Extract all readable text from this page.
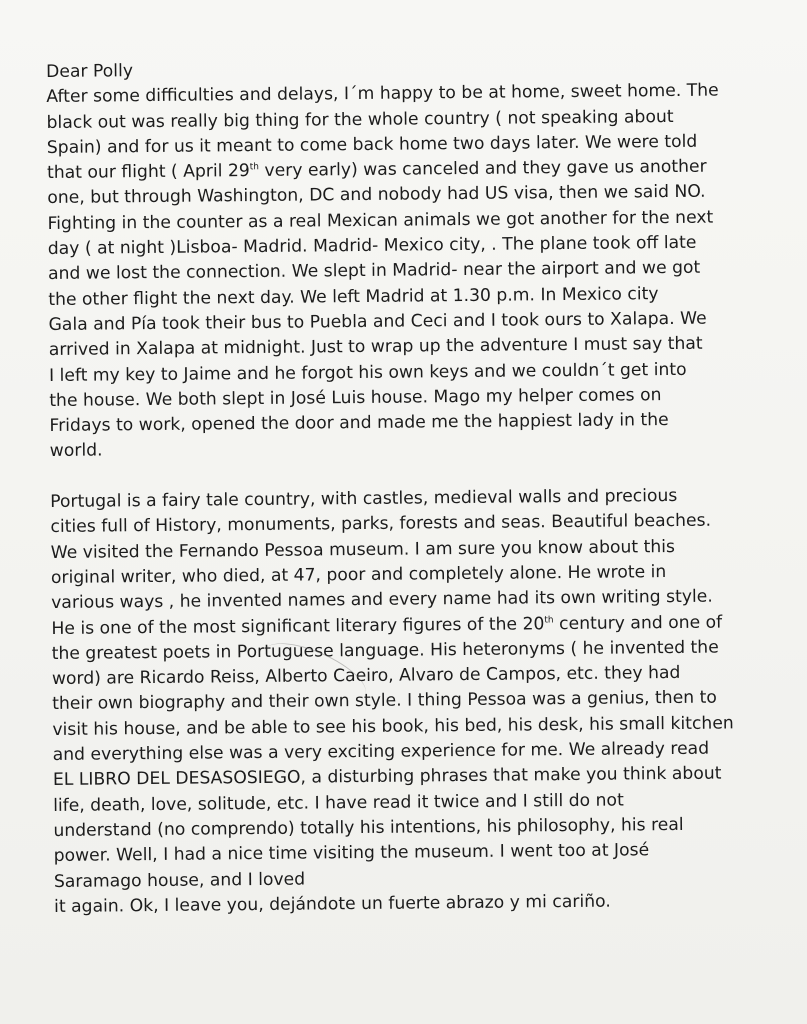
Dear Polly
After some difficulties and delays, I´m happy to be at home, sweet home. The
black out was really big thing for the whole country ( not speaking about
Spain) and for us it meant to come back home two days later. We were told
that our flight ( April 29th very early) was canceled and they gave us another
one, but through Washington, DC and nobody had US visa, then we said NO.
Fighting in the counter as a real Mexican animals we got another for the next
day ( at night )Lisboa- Madrid. Madrid- Mexico city, . The plane took off late
and we lost the connection. We slept in Madrid- near the airport and we got
the other flight the next day. We left Madrid at 1.30 p.m. In Mexico city
Gala and Pía took their bus to Puebla and Ceci and I took ours to Xalapa. We
arrived in Xalapa at midnight. Just to wrap up the adventure I must say that
I left my key to Jaime and he forgot his own keys and we couldn´t get into
the house. We both slept in José Luis house. Mago my helper comes on
Fridays to work, opened the door and made me the happiest lady in the
world.
Portugal is a fairy tale country, with castles, medieval walls and precious
cities full of History, monuments, parks, forests and seas. Beautiful beaches.
We visited the Fernando Pessoa museum. I am sure you know about this
original writer, who died, at 47, poor and completely alone. He wrote in
various ways , he invented names and every name had its own writing style.
He is one of the most significant literary figures of the 20th century and one of
the greatest poets in Portuguese language. His heteronyms ( he invented the
word) are Ricardo Reiss, Alberto Caeiro, Alvaro de Campos, etc. they had
their own biography and their own style. I thing Pessoa was a genius, then to
visit his house, and be able to see his book, his bed, his desk, his small kitchen
and everything else was a very exciting experience for me. We already read
EL LIBRO DEL DESASOSIEGO, a disturbing phrases that make you think about
life, death, love, solitude, etc. I have read it twice and I still do not
understand (no comprendo) totally his intentions, his philosophy, his real
power. Well, I had a nice time visiting the museum. I went too at José
Saramago house, and I loved
it again. Ok, I leave you, dejándote un fuerte abrazo y mi cariño.
